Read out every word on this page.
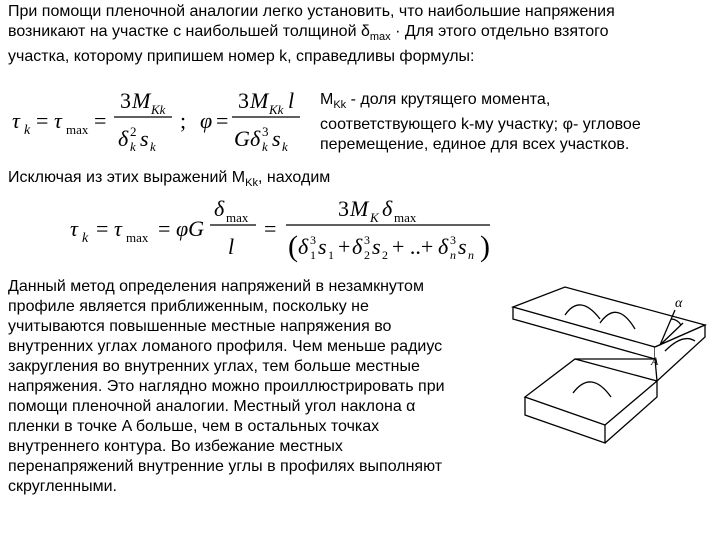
При помощи пленочной аналогии легко установить, что наибольшие напряжения
возникают на участке с наибольшей толщиной $\delta_{max}$ · Для этого отдельно взятого
участка, которому припишем номер k, справедливы формулы:
τ k = τ max =
3 M Kk
δ 2
k s k
; φ =
3 M Kk l
G δ 3
k s k
$M_{Kk}$ - доля крутящего момента,
соответствующего k-му участку; φ- угловое
перемещение, единое для всех участков.
Исключая из этих выражений $M_{Kk}$, находим
τ k = τ max = φG
δ max
l
=
3 M K δ max
( δ 3
1 s 1 + δ 3
2 s 2 + ..+ δ 3
n s n )
Данный метод определения напряжений в незамкнутом
профиле является приближенным, поскольку не
учитываются повышенные местные напряжения во
внутренних углах ломаного профиля. Чем меньше радиус
закругления во внутренних углах, тем больше местные
напряжения. Это наглядно можно проиллюстрировать при
помощи пленочной аналогии. Местный угол наклона α
пленки в точке A больше, чем в остальных точках
внутреннего контура. Во избежание местных
перенапряжений внутренние углы в профилях выполняют
скругленными.
α
A
